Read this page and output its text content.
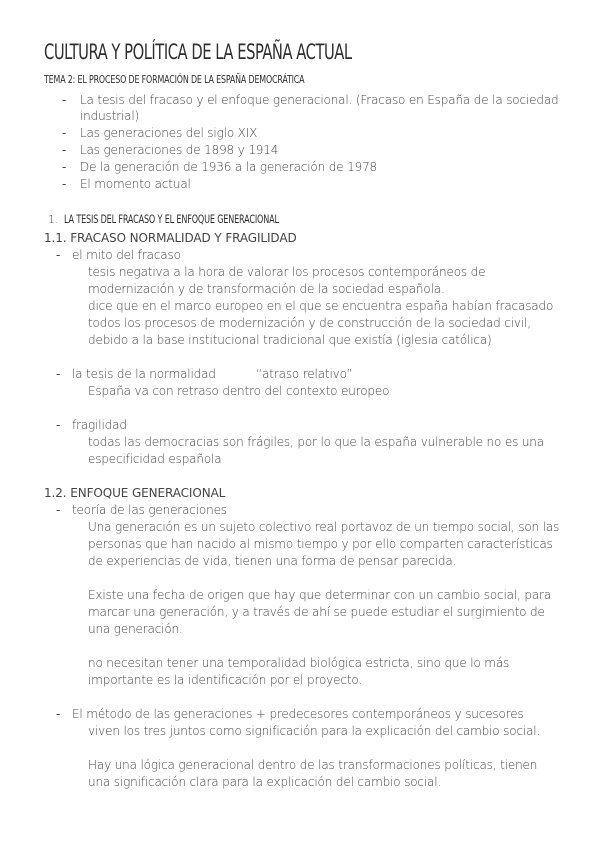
CULTURA Y POLÍTICA DE LA ESPAÑA ACTUAL
TEMA 2: EL PROCESO DE FORMACIÓN DE LA ESPAÑA DEMOCRÁTICA
- La tesis del fracaso y el enfoque generacional. (Fracaso en España de la sociedad
industrial)
- Las generaciones del siglo XIX
- Las generaciones de 1898 y 1914
- De la generación de 1936 a la generación de 1978
- El momento actual
1. LA TESIS DEL FRACASO Y EL ENFOQUE GENERACIONAL
1.1. FRACASO NORMALIDAD Y FRAGILIDAD
- el mito del fracaso
tesis negativa a la hora de valorar los procesos contemporáneos de
modernización y de transformación de la sociedad española.
dice que en el marco europeo en el que se encuentra españa habían fracasado
todos los procesos de modernización y de construcción de la sociedad civil,
debido a la base institucional tradicional que existía (iglesia católica)
- la tesis de la normalidad	“atraso relativo”
España va con retraso dentro del contexto europeo
- fragilidad
todas las democracias son frágiles, por lo que la españa vulnerable no es una
especificidad española
1.2. ENFOQUE GENERACIONAL
- teoría de las generaciones
Una generación es un sujeto colectivo real portavoz de un tiempo social, son las
personas que han nacido al mismo tiempo y por ello comparten características
de experiencias de vida, tienen una forma de pensar parecida.
Existe una fecha de origen que hay que determinar con un cambio social, para
marcar una generación, y a través de ahí se puede estudiar el surgimiento de
una generación.
no necesitan tener una temporalidad biológica estricta, sino que lo más
importante es la identificación por el proyecto.
- El método de las generaciones + predecesores contemporáneos y sucesores
viven los tres juntos como significación para la explicación del cambio social.
Hay una lógica generacional dentro de las transformaciones políticas, tienen
una significación clara para la explicación del cambio social.
